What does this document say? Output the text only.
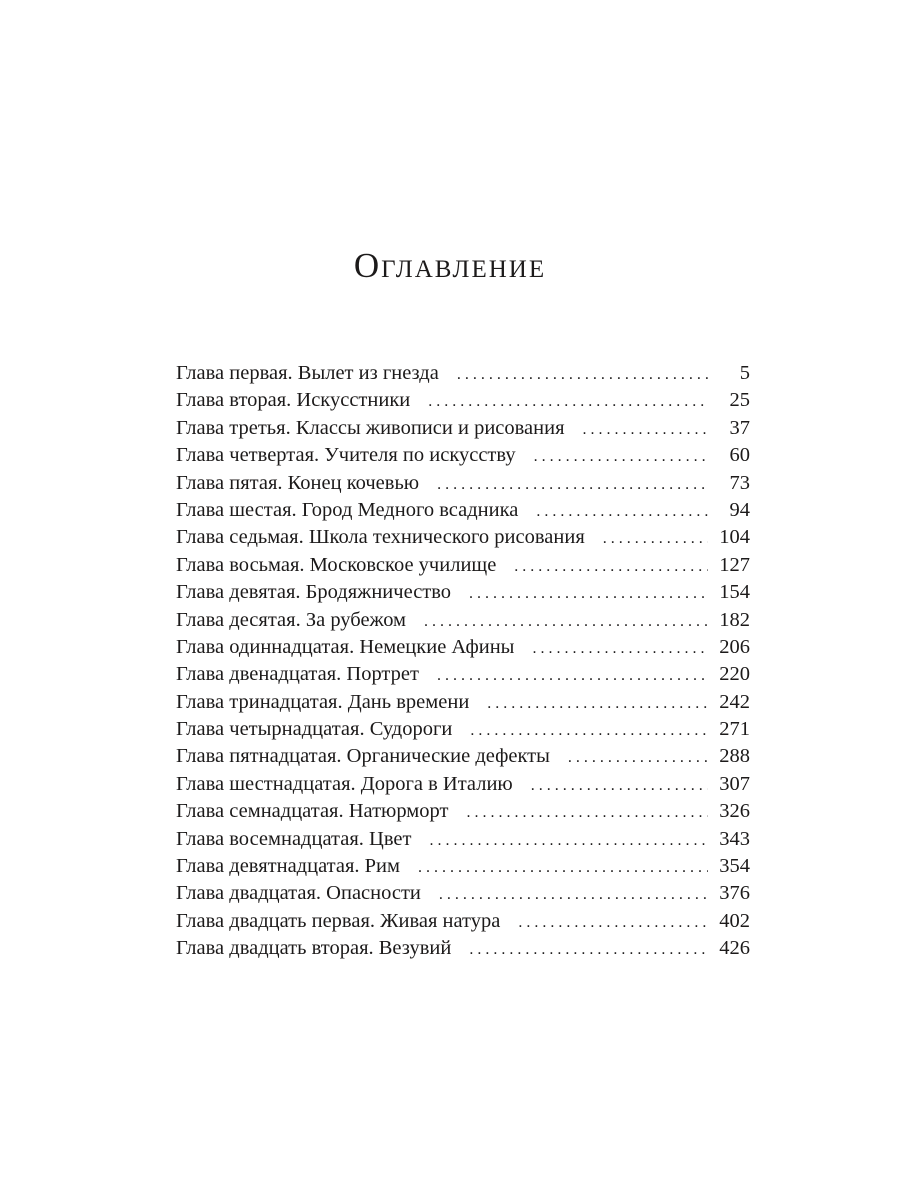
Оглавление
Глава первая. Вылет из гнезда . . .	5
Глава вторая. Искусстники . . .	25
Глава третья. Классы живописи и рисования . . .	37
Глава четвертая. Учителя по искусству . . .	60
Глава пятая. Конец кочевью . . .	73
Глава шестая. Город Медного всадника . . .	94
Глава седьмая. Школа технического рисования . . .	104
Глава восьмая. Московское училище . . .	127
Глава девятая. Бродяжничество . . .	154
Глава десятая. За рубежом . . .	182
Глава одиннадцатая. Немецкие Афины . . .	206
Глава двенадцатая. Портрет . . .	220
Глава тринадцатая. Дань времени . . .	242
Глава четырнадцатая. Судороги . . .	271
Глава пятнадцатая. Органические дефекты . . .	288
Глава шестнадцатая. Дорога в Италию . . .	307
Глава семнадцатая. Натюрморт . . .	326
Глава восемнадцатая. Цвет . . .	343
Глава девятнадцатая. Рим . . .	354
Глава двадцатая. Опасности . . .	376
Глава двадцать первая. Живая натура . . .	402
Глава двадцать вторая. Везувий . . .	426
